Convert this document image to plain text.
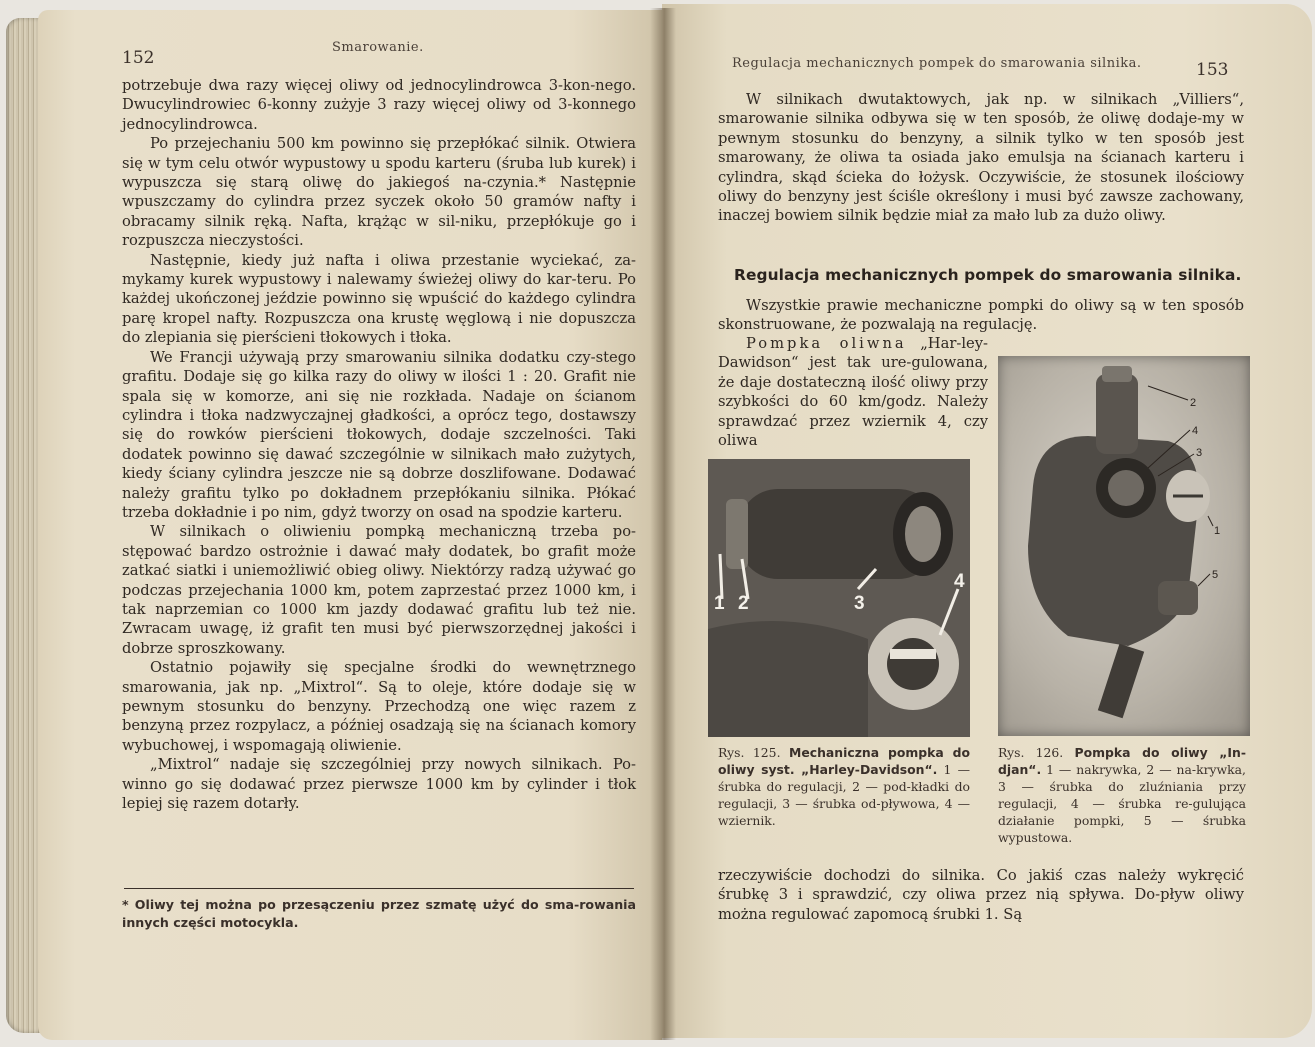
152
Smarowanie.

potrzebuje dwa razy więcej oliwy od jednocylindrowca 3-kon-nego. Dwucylindrowiec 6-konny zużyje 3 razy więcej oliwy od 3-konnego jednocylindrowca.

Po przejechaniu 500 km powinno się przepłókać silnik. Otwiera się w tym celu otwór wypustowy u spodu karteru (śruba lub kurek) i wypuszcza się starą oliwę do jakiegoś na-czynia.* Następnie wpuszczamy do cylindra przez syczek około 50 gramów nafty i obracamy silnik ręką. Nafta, krążąc w sil-niku, przepłókuje go i rozpuszcza nieczystości.

Następnie, kiedy już nafta i oliwa przestanie wyciekać, za-mykamy kurek wypustowy i nalewamy świeżej oliwy do kar-teru. Po każdej ukończonej jeździe powinno się wpuścić do każdego cylindra parę kropel nafty. Rozpuszcza ona krustę węglową i nie dopuszcza do zlepiania się pierścieni tłokowych i tłoka.

We Francji używają przy smarowaniu silnika dodatku czy-stego grafitu. Dodaje się go kilka razy do oliwy w ilości 1 : 20. Grafit nie spala się w komorze, ani się nie rozkłada. Nadaje on ścianom cylindra i tłoka nadzwyczajnej gładkości, a oprócz tego, dostawszy się do rowków pierścieni tłokowych, dodaje szczelności. Taki dodatek powinno się dawać szczególnie w silnikach mało zużytych, kiedy ściany cylindra jeszcze nie są dobrze doszlifowane. Dodawać należy grafitu tylko po dokładnem przepłókaniu silnika. Płókać trzeba dokładnie i po nim, gdyż tworzy on osad na spodzie karteru.

W silnikach o oliwieniu pompką mechaniczną trzeba po-stępować bardzo ostrożnie i dawać mały dodatek, bo grafit może zatkać siatki i uniemożliwić obieg oliwy. Niektórzy radzą używać go podczas przejechania 1000 km, potem zaprzestać przez 1000 km, i tak naprzemian co 1000 km jazdy dodawać grafitu lub też nie. Zwracam uwagę, iż grafit ten musi być pierwszorzędnej jakości i dobrze sproszkowany.

Ostatnio pojawiły się specjalne środki do wewnętrznego smarowania, jak np. „Mixtrol“. Są to oleje, które dodaje się w pewnym stosunku do benzyny. Przechodzą one więc razem z benzyną przez rozpylacz, a później osadzają się na ścianach komory wybuchowej, i wspomagają oliwienie.

„Mixtrol“ nadaje się szczególniej przy nowych silnikach. Po-winno go się dodawać przez pierwsze 1000 km by cylinder i tłok lepiej się razem dotarły.

* Oliwy tej można po przesączeniu przez szmatę użyć do sma-rowania innych części motocykla.
Regulacja mechanicznych pompek do smarowania silnika.	153

W silnikach dwutaktowych, jak np. w silnikach „Villiers“, smarowanie silnika odbywa się w ten sposób, że oliwę dodaje-my w pewnym stosunku do benzyny, a silnik tylko w ten sposób jest smarowany, że oliwa ta osiada jako emulsja na ścianach karteru i cylindra, skąd ścieka do łożysk. Oczywiście, że stosunek ilościowy oliwy do benzyny jest ściśle określony i musi być zawsze zachowany, inaczej bowiem silnik będzie miał za mało lub za dużo oliwy.

Regulacja mechanicznych pompek do smarowania silnika.

Wszystkie prawie mechaniczne pompki do oliwy są w ten sposób skonstruowane, że pozwalają na regulację.

Pompka oliwna „Har-ley-Dawidson“ jest tak ure-gulowana, że daje dostateczną ilość oliwy przy szybkości do 60 km/godz. Należy sprawdzać przez wziernik 4, czy oliwa

1 2	3
4
1
2
3
4
5
Rys. 125. Mechaniczna pompka do oliwy syst. „Harley-Davidson“. 1 — śrubka do regulacji, 2 — pod-kładki do regulacji, 3 — śrubka od-pływowa, 4 — wziernik.
Rys. 126. Pompka do oliwy „In-djan“. 1 — nakrywka, 2 — na-krywka, 3 — śrubka do zluźniania przy regulacji, 4 — śrubka re-gulująca działanie pompki, 5 — śrubka wypustowa.

rzeczywiście dochodzi do silnika. Co jakiś czas należy wykręcić śrubkę 3 i sprawdzić, czy oliwa przez nią spływa. Do-pływ oliwy można regulować zapomocą śrubki 1. Są
